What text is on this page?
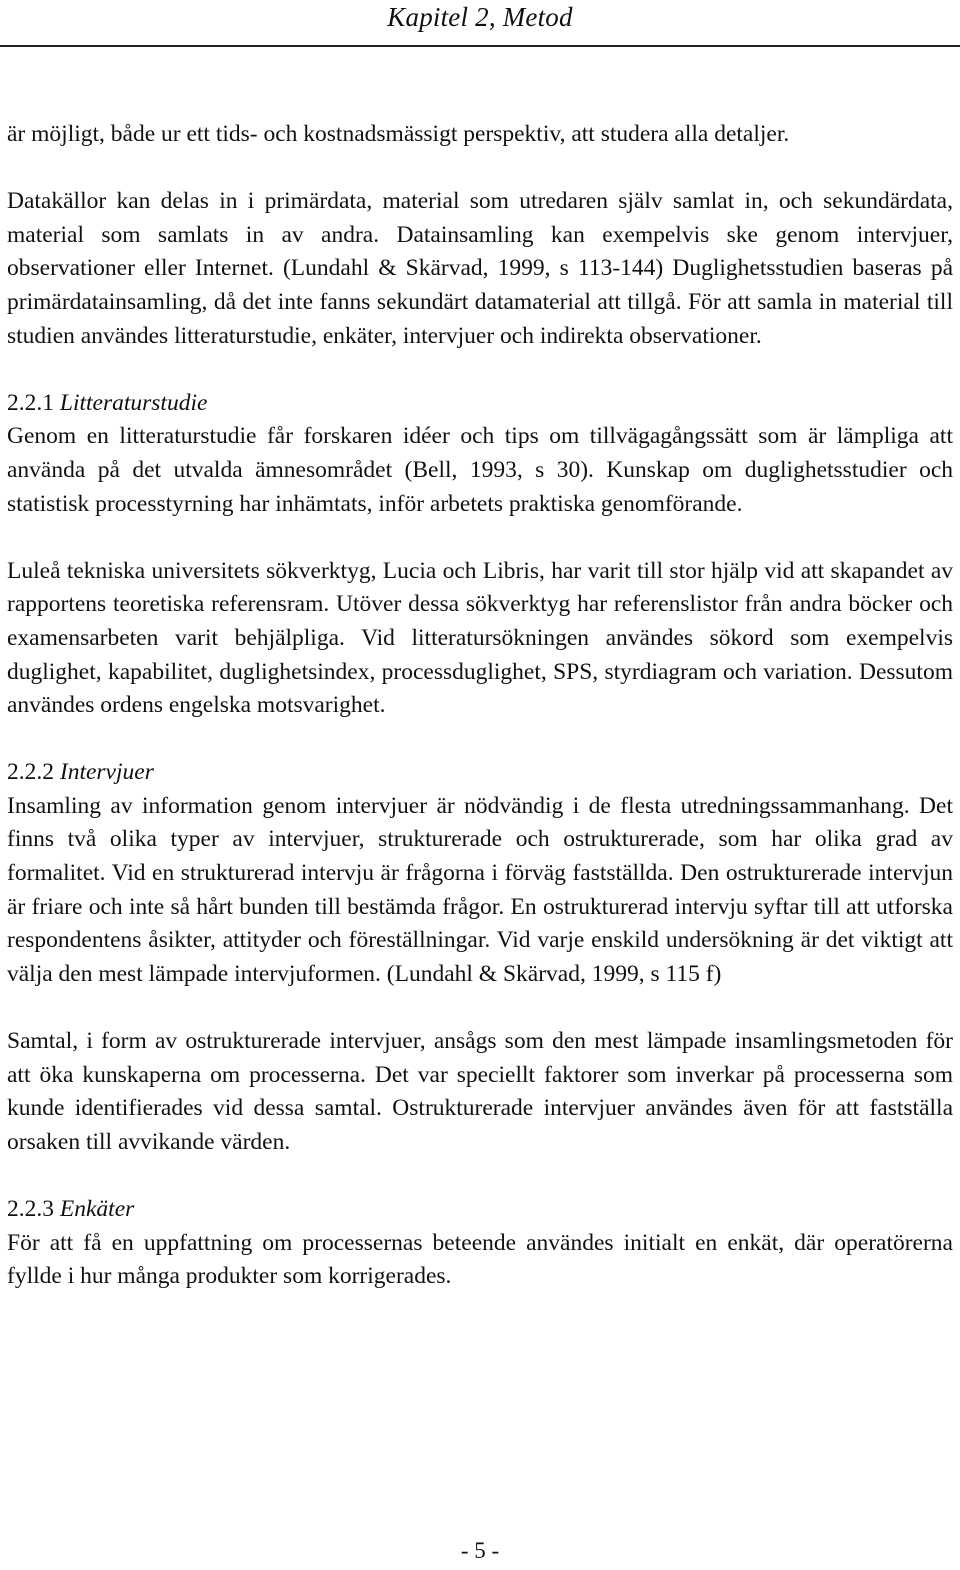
Kapitel 2, Metod

är möjligt, både ur ett tids- och kostnadsmässigt perspektiv, att studera alla detaljer.

Datakällor kan delas in i primärdata, material som utredaren själv samlat in, och sekundärdata, material som samlats in av andra. Datainsamling kan exempelvis ske genom intervjuer, observationer eller Internet. (Lundahl & Skärvad, 1999, s 113-144) Duglighetsstudien baseras på primärdatainsamling, då det inte fanns sekundärt datamaterial att tillgå. För att samla in material till studien användes litteraturstudie, enkäter, intervjuer och indirekta observationer.

2.2.1 Litteraturstudie

Genom en litteraturstudie får forskaren idéer och tips om tillvägagångssätt som är lämpliga att använda på det utvalda ämnesområdet (Bell, 1993, s 30). Kunskap om duglighetsstudier och statistisk processtyrning har inhämtats, inför arbetets praktiska genomförande.

Luleå tekniska universitets sökverktyg, Lucia och Libris, har varit till stor hjälp vid att skapandet av rapportens teoretiska referensram. Utöver dessa sökverktyg har referenslistor från andra böcker och examensarbeten varit behjälpliga. Vid litteratursökningen användes sökord som exempelvis duglighet, kapabilitet, duglighetsindex, processduglighet, SPS, styrdiagram och variation. Dessutom användes ordens engelska motsvarighet.

2.2.2 Intervjuer

Insamling av information genom intervjuer är nödvändig i de flesta utredningssammanhang. Det finns två olika typer av intervjuer, strukturerade och ostrukturerade, som har olika grad av formalitet. Vid en strukturerad intervju är frågorna i förväg fastställda. Den ostrukturerade intervjun är friare och inte så hårt bunden till bestämda frågor. En ostrukturerad intervju syftar till att utforska respondentens åsikter, attityder och föreställningar. Vid varje enskild undersökning är det viktigt att välja den mest lämpade intervjuformen. (Lundahl & Skärvad, 1999, s 115 f)

Samtal, i form av ostrukturerade intervjuer, ansågs som den mest lämpade insamlingsmetoden för att öka kunskaperna om processerna. Det var speciellt faktorer som inverkar på processerna som kunde identifierades vid dessa samtal. Ostrukturerade intervjuer användes även för att fastställa orsaken till avvikande värden.

2.2.3 Enkäter

För att få en uppfattning om processernas beteende användes initialt en enkät, där operatörerna fyllde i hur många produkter som korrigerades.

- 5 -
